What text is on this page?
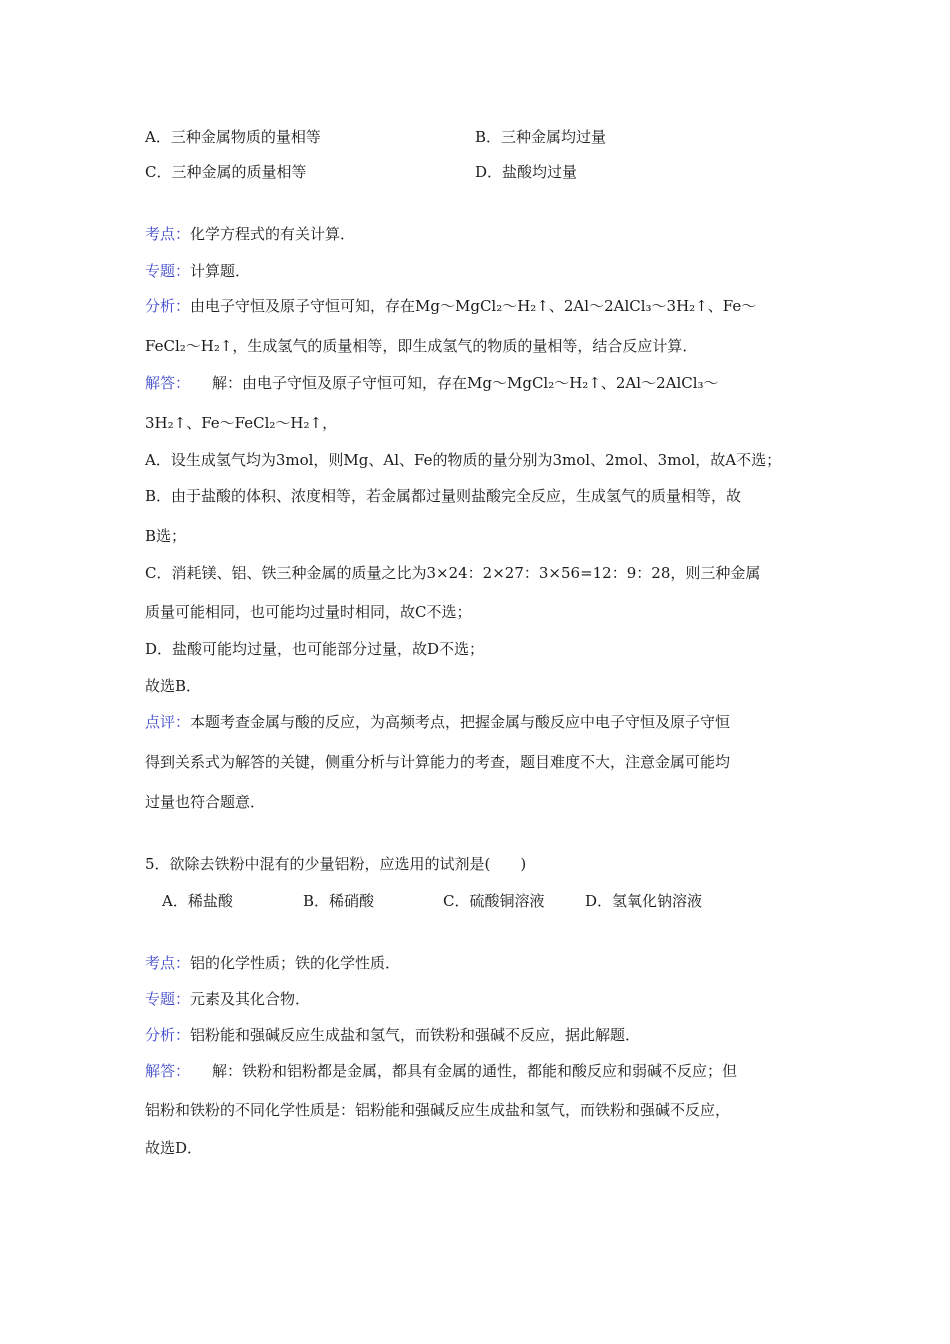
A．三种金属物质的量相等	B．三种金属均过量
C．三种金属的质量相等	D．盐酸均过量
考点：化学方程式的有关计算．
专题：计算题．
分析：由电子守恒及原子守恒可知，存在Mg～MgCl₂～H₂↑、2Al～2AlCl₃～3H₂↑、Fe～
FeCl₂～H₂↑，生成氢气的质量相等，即生成氢气的物质的量相等，结合反应计算．
解答： 解：由电子守恒及原子守恒可知，存在Mg～MgCl₂～H₂↑、2Al～2AlCl₃～
3H₂↑、Fe～FeCl₂～H₂↑，
A．设生成氢气均为3mol，则Mg、Al、Fe的物质的量分别为3mol、2mol、3mol，故A不选；
B．由于盐酸的体积、浓度相等，若金属都过量则盐酸完全反应，生成氢气的质量相等，故
B选；
C．消耗镁、铝、铁三种金属的质量之比为3×24：2×27：3×56=12：9：28，则三种金属
质量可能相同，也可能均过量时相同，故C不选；
D．盐酸可能均过量，也可能部分过量，故D不选；
故选B．
点评：本题考查金属与酸的反应，为高频考点，把握金属与酸反应中电子守恒及原子守恒
得到关系式为解答的关键，侧重分析与计算能力的考查，题目难度不大，注意金属可能均
过量也符合题意．
5．欲除去铁粉中混有的少量铝粉，应选用的试剂是(　　)
A．稀盐酸	B．稀硝酸	C．硫酸铜溶液	D．氢氧化钠溶液
考点：铝的化学性质；铁的化学性质．
专题：元素及其化合物．
分析：铝粉能和强碱反应生成盐和氢气，而铁粉和强碱不反应，据此解题．
解答： 解：铁粉和铝粉都是金属，都具有金属的通性，都能和酸反应和弱碱不反应；但
铝粉和铁粉的不同化学性质是：铝粉能和强碱反应生成盐和氢气，而铁粉和强碱不反应，
故选D．
